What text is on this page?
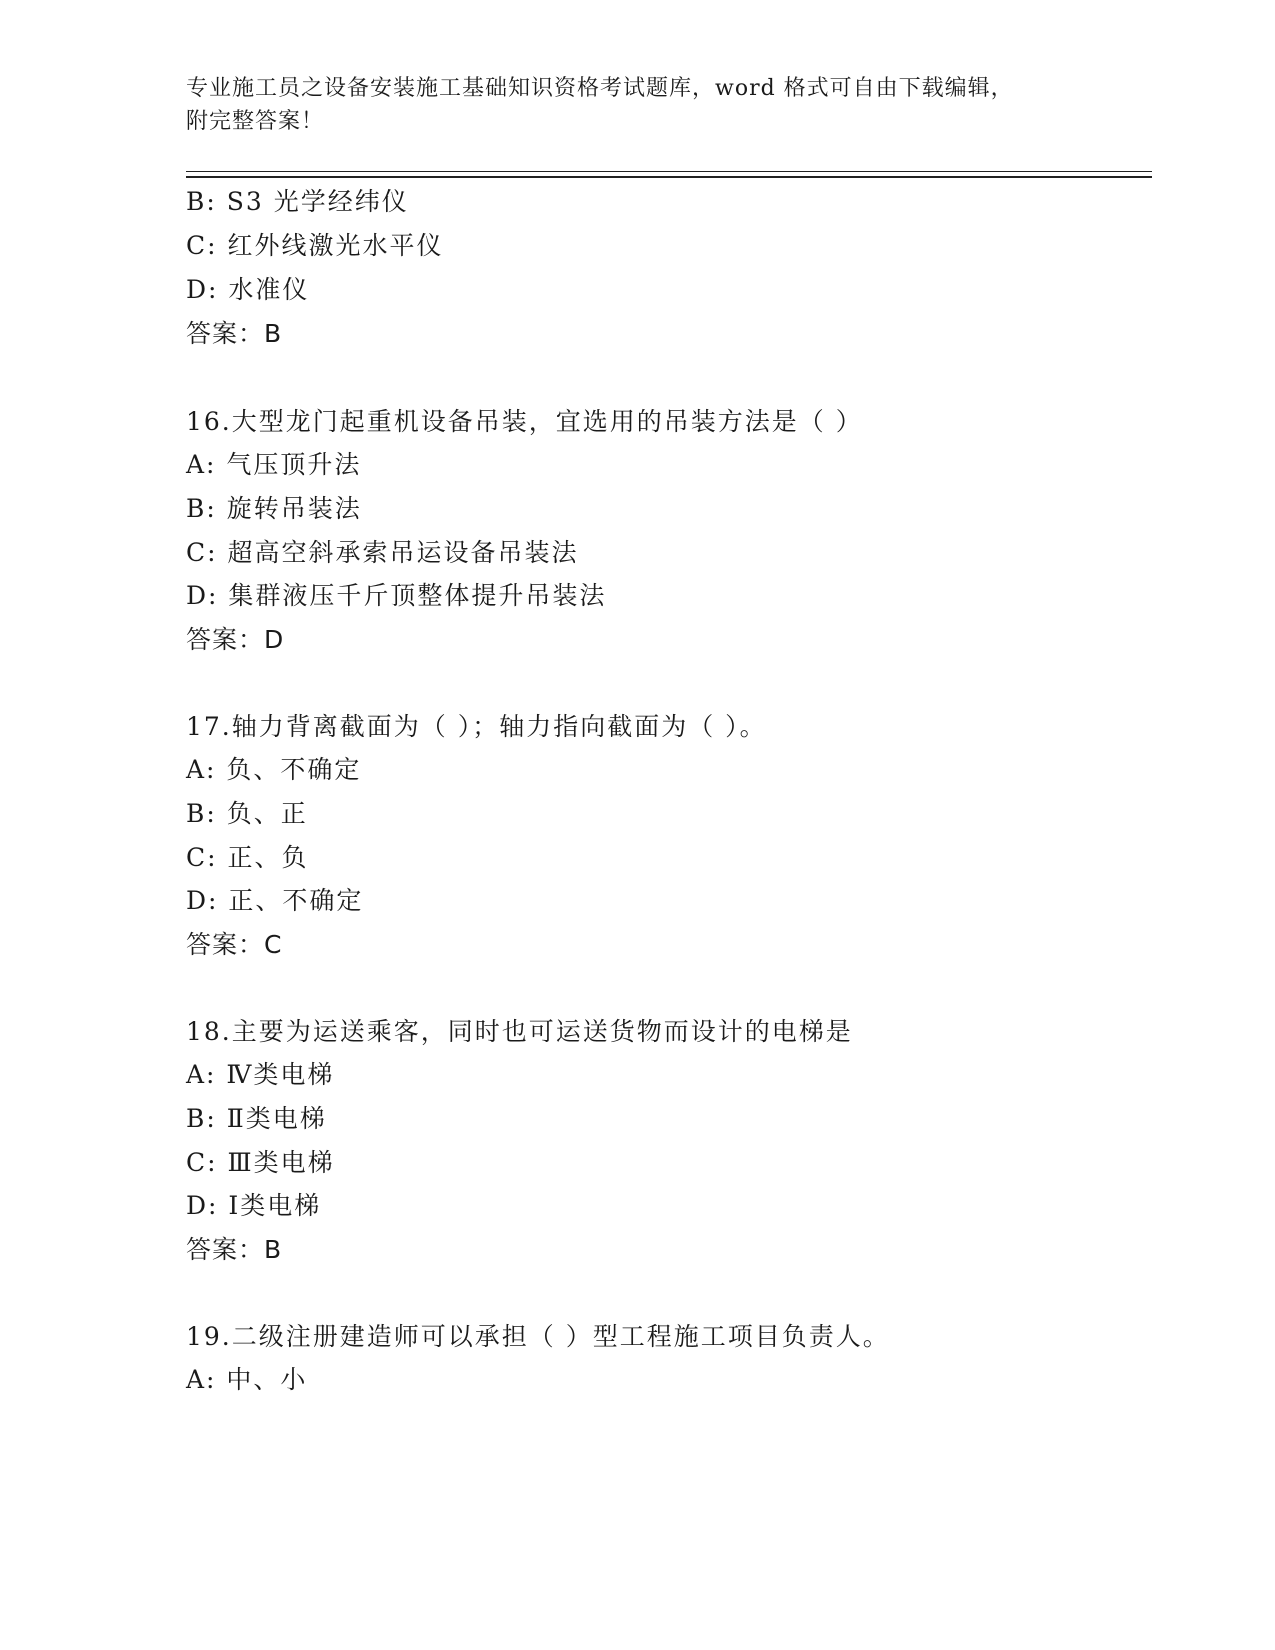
专业施工员之设备安装施工基础知识资格考试题库，word 格式可自由下载编辑，
附完整答案！
B: S3 光学经纬仪
C: 红外线激光水平仪
D: 水准仪
答案：B
16.大型龙门起重机设备吊装，宜选用的吊装方法是（ ）
A: 气压顶升法
B: 旋转吊装法
C: 超高空斜承索吊运设备吊装法
D: 集群液压千斤顶整体提升吊装法
答案：D
17.轴力背离截面为（ ）；轴力指向截面为（ ）。
A: 负、不确定
B: 负、正
C: 正、负
D: 正、不确定
答案：C
18.主要为运送乘客，同时也可运送货物而设计的电梯是
A: Ⅳ类电梯
B: Ⅱ类电梯
C: Ⅲ类电梯
D: Ⅰ类电梯
答案：B
19.二级注册建造师可以承担（ ）型工程施工项目负责人。
A: 中、小
